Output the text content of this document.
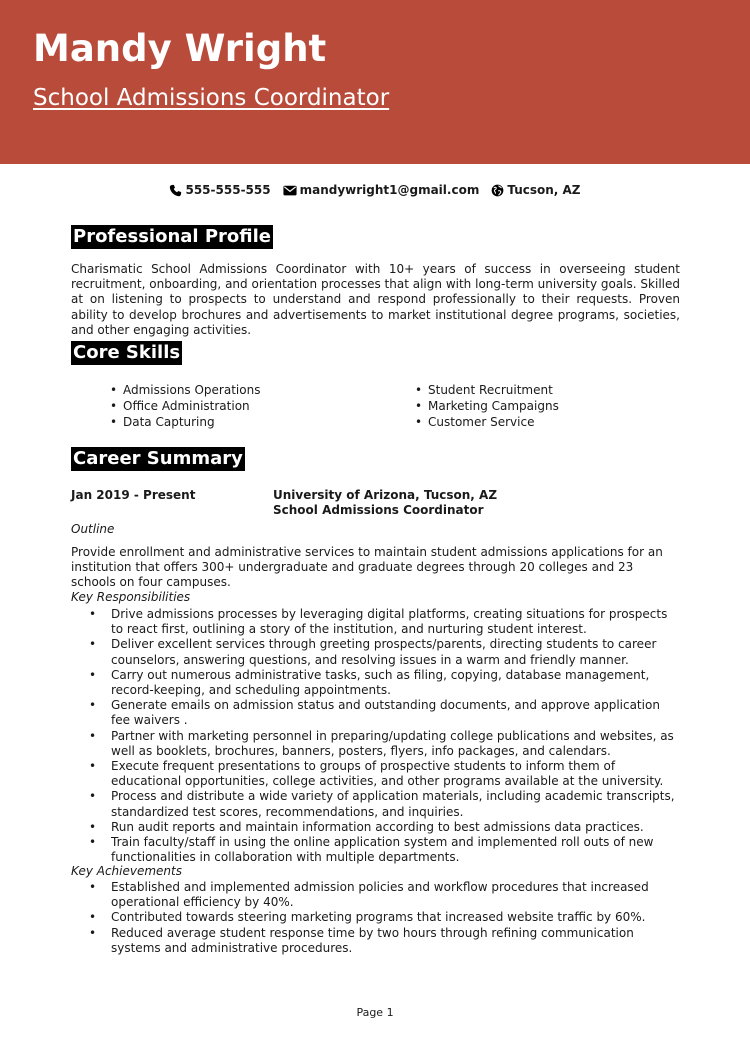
Mandy Wright
School Admissions Coordinator
555-555-555 mandywright1@gmail.com Tucson, AZ
Professional Profile

Charismatic School Admissions Coordinator with 10+ years of success in overseeing student recruitment, onboarding, and orientation processes that align with long-term university goals. Skilled at on listening to prospects to understand and respond professionally to their requests. Proven ability to develop brochures and advertisements to market institutional degree programs, societies, and other engaging activities.

Core Skills
• Admissions Operations
• Office Administration
• Data Capturing
• Student Recruitment
• Marketing Campaigns
• Customer Service
Career Summary
Jan 2019 - Present	University of Arizona, Tucson, AZ
School Admissions Coordinator
Outline

Provide enrollment and administrative services to maintain student admissions applications for an institution that offers 300+ undergraduate and graduate degrees through 20 colleges and 23 schools on four campuses.

Key Responsibilities
• Drive admissions processes by leveraging digital platforms, creating situations for prospects to react first, outlining a story of the institution, and nurturing student interest.
• Deliver excellent services through greeting prospects/parents, directing students to career counselors, answering questions, and resolving issues in a warm and friendly manner.
• Carry out numerous administrative tasks, such as filing, copying, database management, record-keeping, and scheduling appointments.
• Generate emails on admission status and outstanding documents, and approve application fee waivers .
• Partner with marketing personnel in preparing/updating college publications and websites, as well as booklets, brochures, banners, posters, flyers, info packages, and calendars.
• Execute frequent presentations to groups of prospective students to inform them of educational opportunities, college activities, and other programs available at the university.
• Process and distribute a wide variety of application materials, including academic transcripts, standardized test scores, recommendations, and inquiries.
• Run audit reports and maintain information according to best admissions data practices.
• Train faculty/staff in using the online application system and implemented roll outs of new functionalities in collaboration with multiple departments.
Key Achievements
• Established and implemented admission policies and workflow procedures that increased operational efficiency by 40%.
• Contributed towards steering marketing programs that increased website traffic by 60%.
• Reduced average student response time by two hours through refining communication systems and administrative procedures.
Page 1
